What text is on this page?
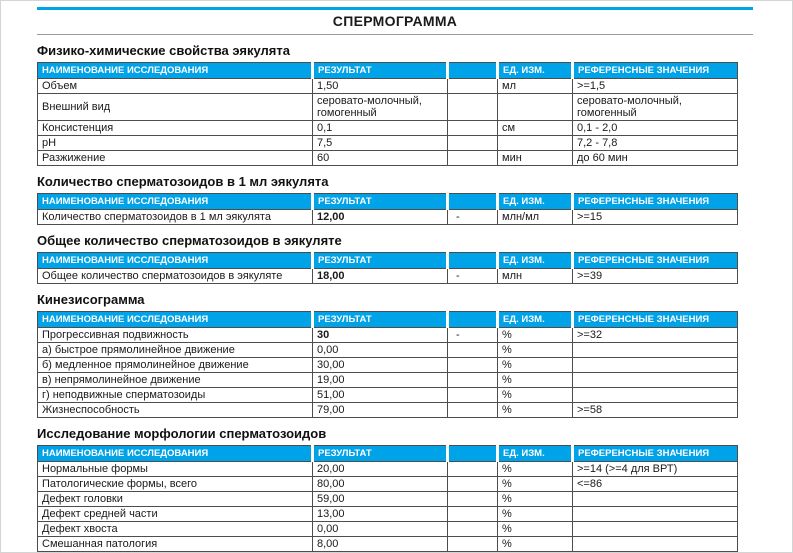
СПЕРМОГРАММА
Физико-химические свойства эякулята
НАИМЕНОВАНИЕ ИССЛЕДОВАНИЯ	РЕЗУЛЬТАТ		ЕД. ИЗМ.	РЕФЕРЕНСНЫЕ ЗНАЧЕНИЯ
Объем	1,50		мл	>=1,5
Внешний вид	серовато-молочный, гомогенный			серовато-молочный, гомогенный
Консистенция	0,1		см	0,1 - 2,0
pH	7,5			7,2 - 7,8
Разжижение	60		мин	до 60 мин
Количество сперматозоидов в 1 мл эякулята
НАИМЕНОВАНИЕ ИССЛЕДОВАНИЯ	РЕЗУЛЬТАТ		ЕД. ИЗМ.	РЕФЕРЕНСНЫЕ ЗНАЧЕНИЯ
Количество сперматозоидов в 1 мл эякулята	12,00	-	млн/мл	>=15
Общее количество сперматозоидов в эякуляте
НАИМЕНОВАНИЕ ИССЛЕДОВАНИЯ	РЕЗУЛЬТАТ		ЕД. ИЗМ.	РЕФЕРЕНСНЫЕ ЗНАЧЕНИЯ
Общее количество сперматозоидов в эякуляте	18,00	-	млн	>=39
Кинезисограмма
НАИМЕНОВАНИЕ ИССЛЕДОВАНИЯ	РЕЗУЛЬТАТ		ЕД. ИЗМ.	РЕФЕРЕНСНЫЕ ЗНАЧЕНИЯ
Прогрессивная подвижность	30	-	%	>=32
а) быстрое прямолинейное движение	0,00		%	
б) медленное прямолинейное движение	30,00		%	
в) непрямолинейное движение	19,00		%	
г) неподвижные сперматозоиды	51,00		%	
Жизнеспособность	79,00		%	>=58
Исследование морфологии сперматозоидов
НАИМЕНОВАНИЕ ИССЛЕДОВАНИЯ	РЕЗУЛЬТАТ		ЕД. ИЗМ.	РЕФЕРЕНСНЫЕ ЗНАЧЕНИЯ
Нормальные формы	20,00		%	>=14 (>=4 для ВРТ)
Патологические формы, всего	80,00		%	<=86
Дефект головки	59,00		%	
Дефект средней части	13,00		%	
Дефект хвоста	0,00		%	
Смешанная патология	8,00		%	
